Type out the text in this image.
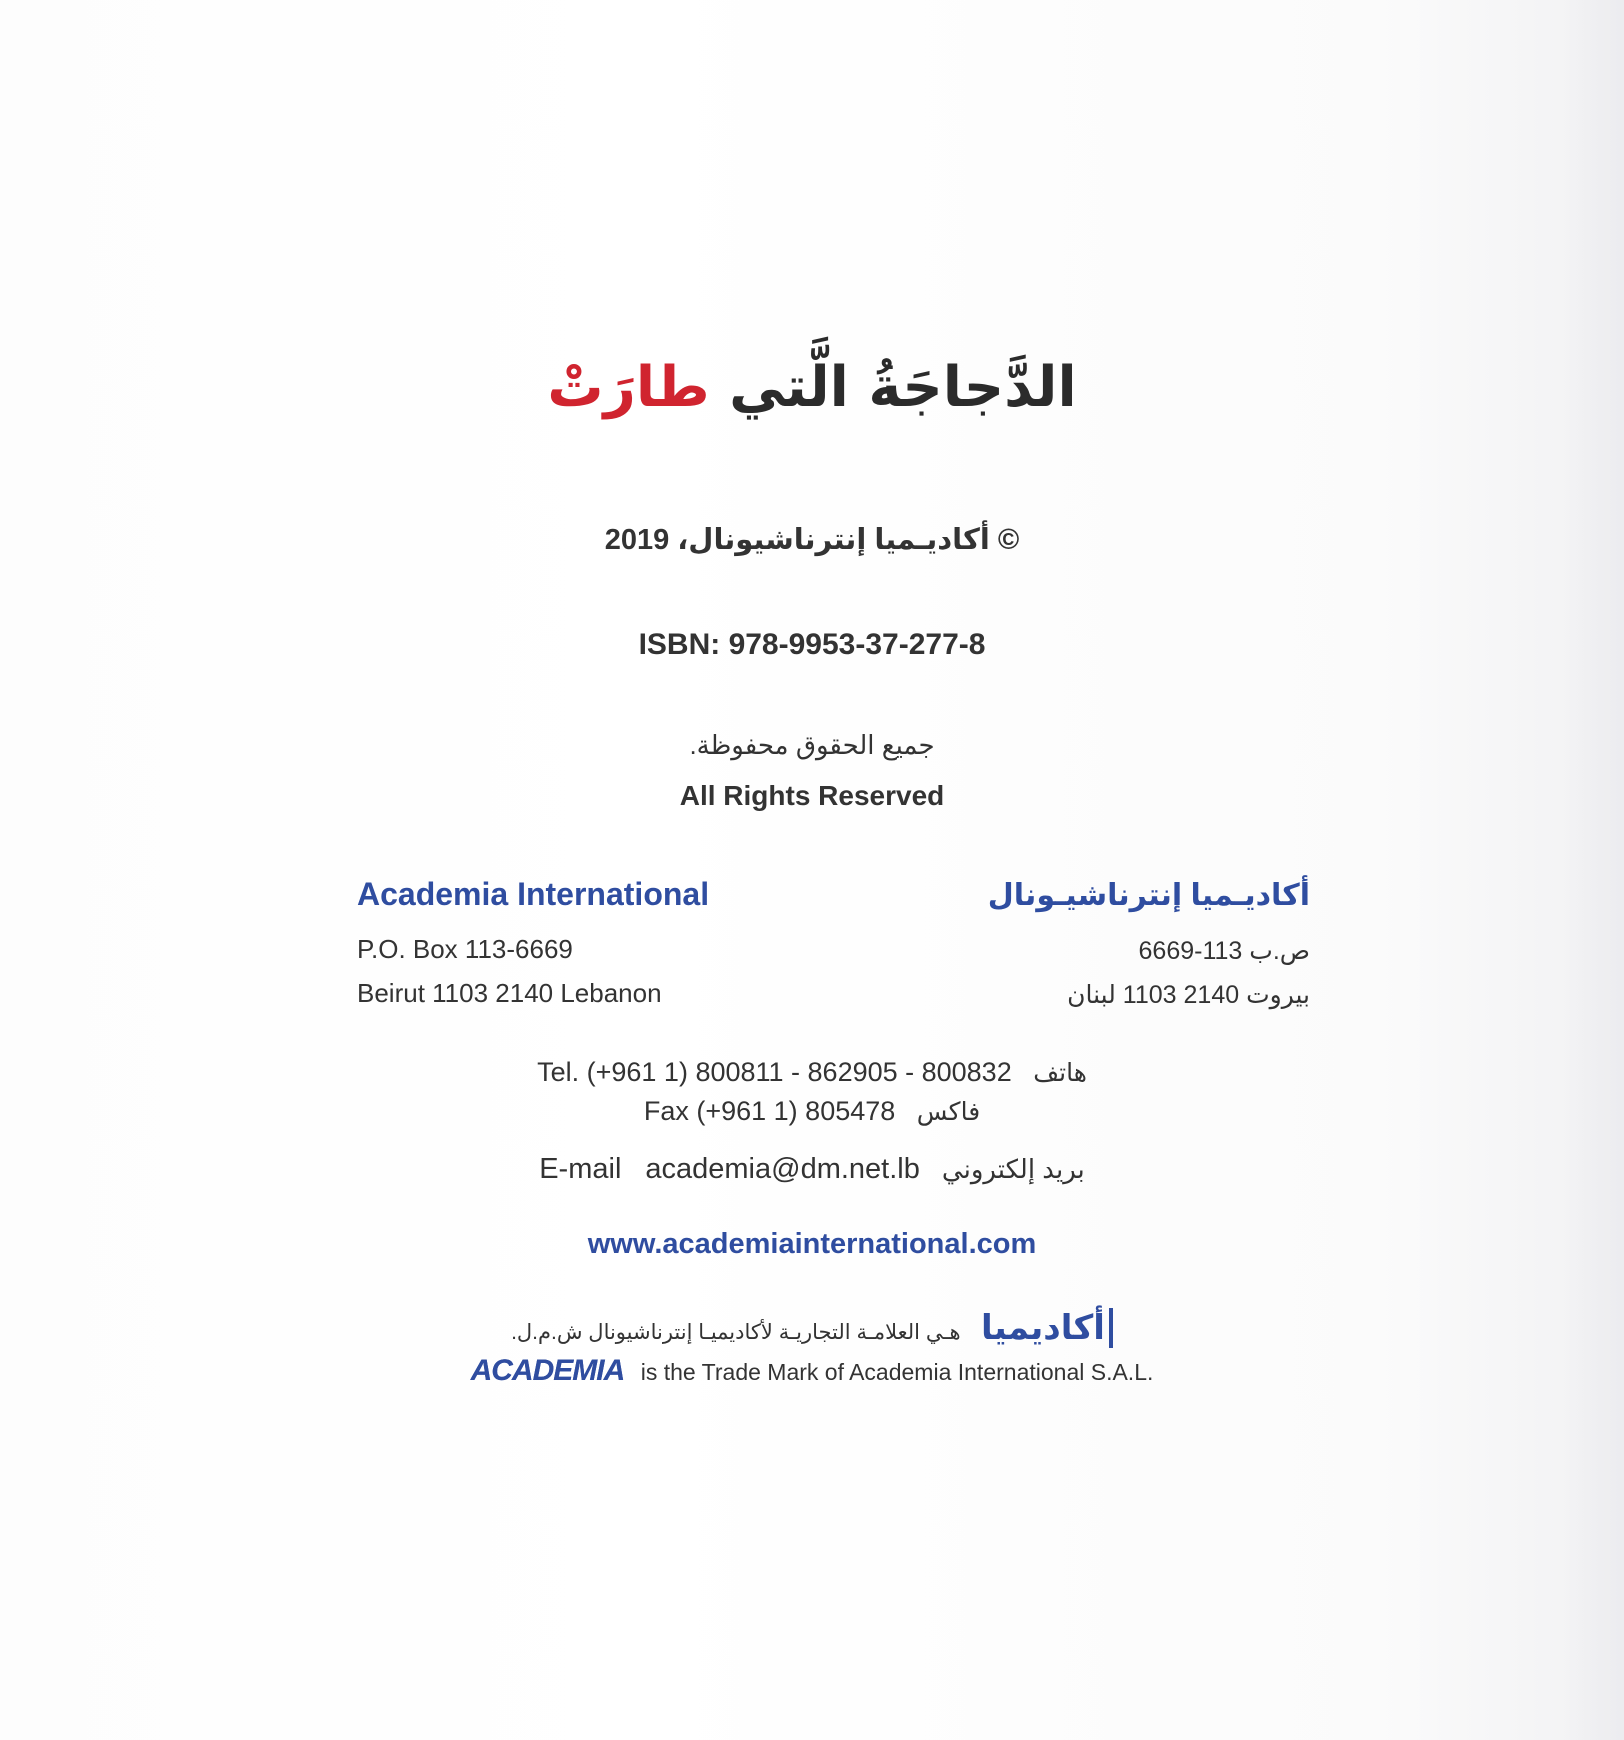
الدَّجاجَةُ الَّتي طارَتْ
© أكاديـميا إنترناشيونال، 2019
ISBN: 978-9953-37-277-8
جميع الحقوق محفوظة.
All Rights Reserved
Academia International
P.O. Box 113-6669
Beirut 1103 2140 Lebanon
أكاديـميا إنترناشيـونال
ص.ب 113-6669
بيروت 2140 1103 لبنان
Tel. (+961 1) 800811 - 862905 - 800832 هاتف
Fax (+961 1) 805478 فاكس
E-mail academia@dm.net.lb بريد إلكتروني
www.academiainternational.com
أكاديميا هـي العلامـة التجاريـة لأكاديميـا إنترناشيونال ش.م.ل.
ACADEMIA is the Trade Mark of Academia International S.A.L.
